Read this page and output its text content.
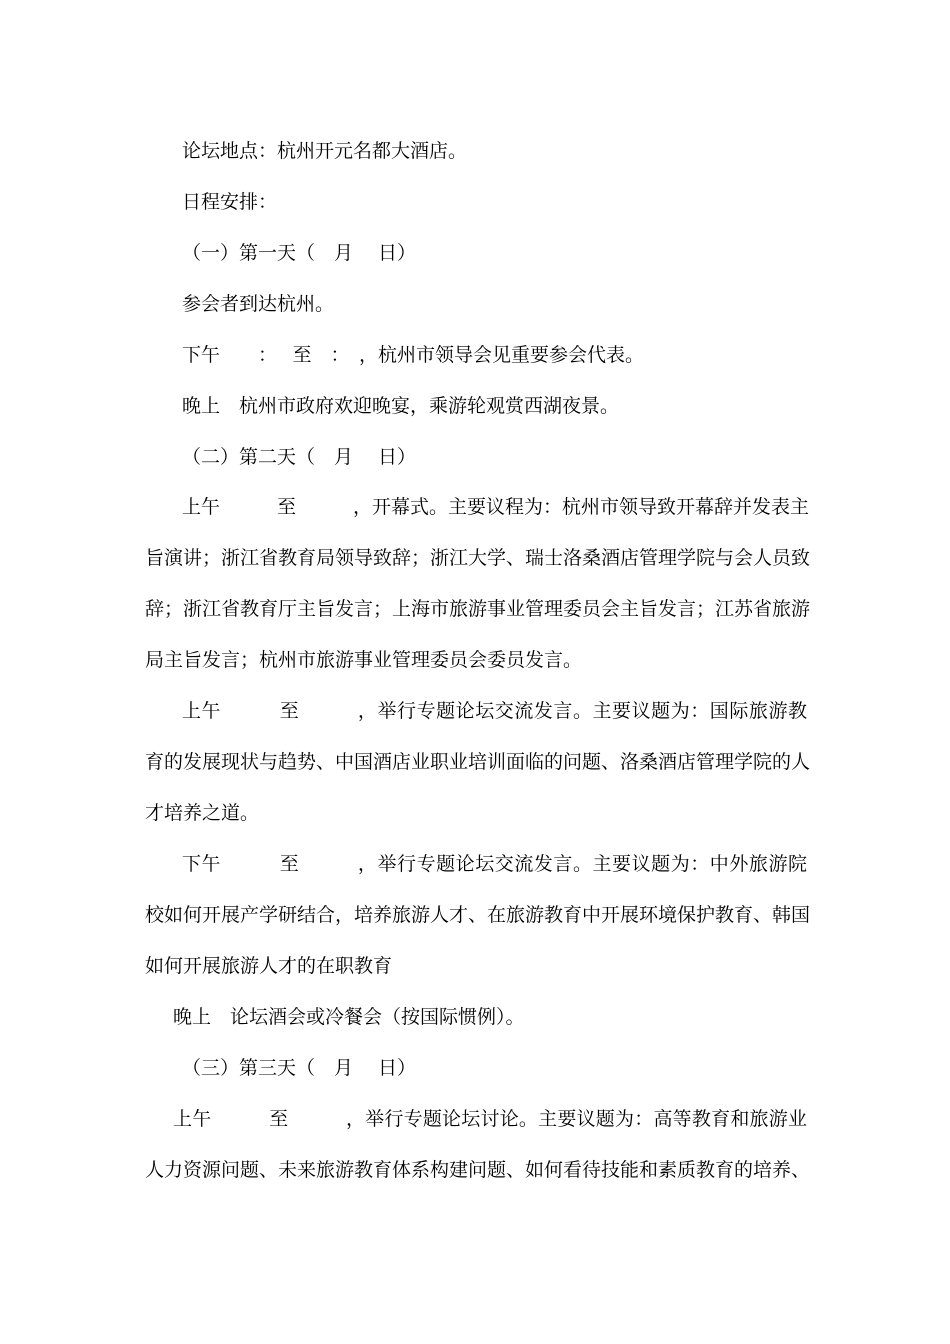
论坛地点：杭州开元名都大酒店。

日程安排：

（一）第一天（　月　 日）

参会者到达杭州。

下午　　：　 至　：　，杭州市领导会见重要参会代表。

晚上　杭州市政府欢迎晚宴，乘游轮观赏西湖夜景。

（二）第二天（　月　 日）

上午　　　至　　　，开幕式。主要议程为：杭州市领导致开幕辞并发表主

旨演讲；浙江省教育局领导致辞；浙江大学、瑞士洛桑酒店管理学院与会人员致

辞；浙江省教育厅主旨发言；上海市旅游事业管理委员会主旨发言；江苏省旅游

局主旨发言；杭州市旅游事业管理委员会委员发言。

上午　　　至　　　，举行专题论坛交流发言。主要议题为：国际旅游教

育的发展现状与趋势、中国酒店业职业培训面临的问题、洛桑酒店管理学院的人

才培养之道。

下午　　　至　　　，举行专题论坛交流发言。主要议题为：中外旅游院

校如何开展产学研结合，培养旅游人才、在旅游教育中开展环境保护教育、韩国

如何开展旅游人才的在职教育

晚上　论坛酒会或冷餐会（按国际惯例）。

（三）第三天（　月　 日）

上午　　　至　　　，举行专题论坛讨论。主要议题为：高等教育和旅游业

人力资源问题、未来旅游教育体系构建问题、如何看待技能和素质教育的培养、
